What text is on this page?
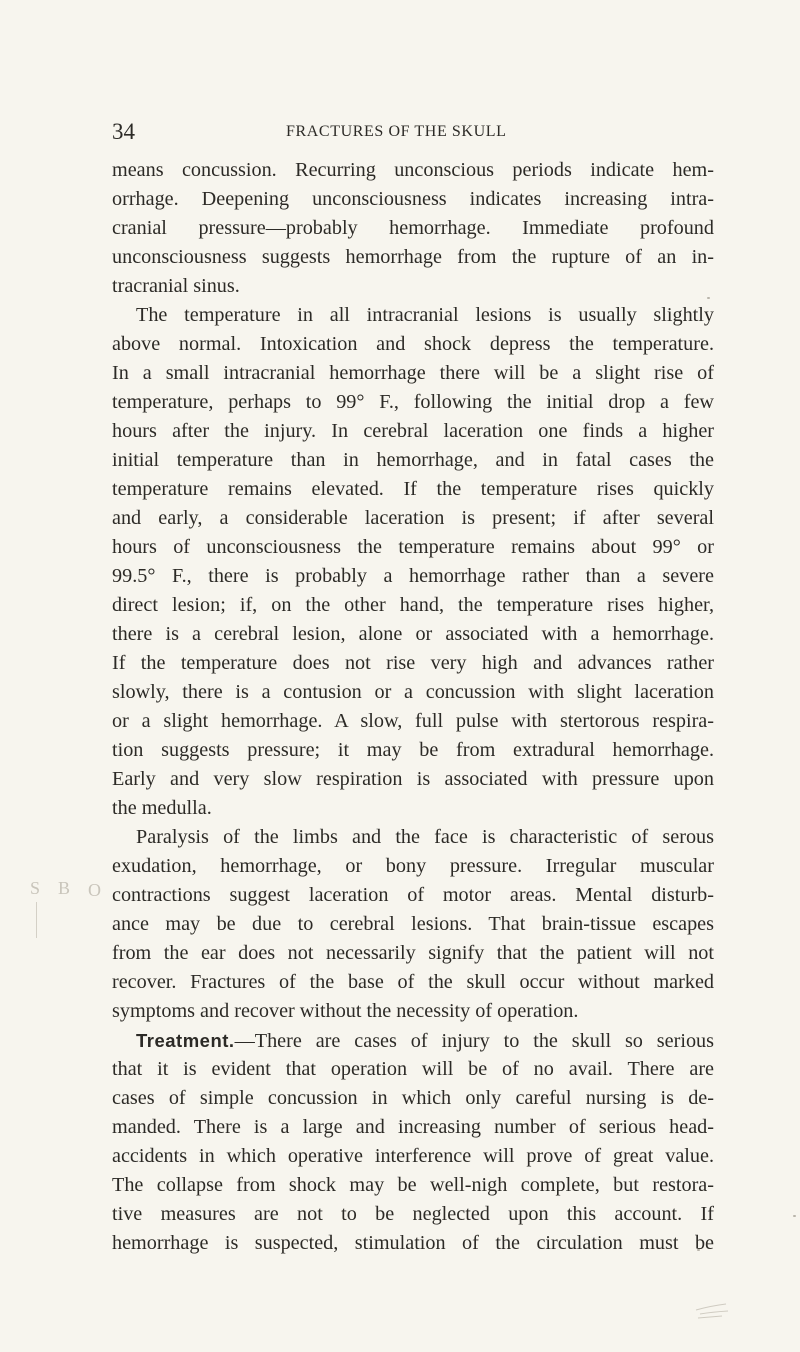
34	FRACTURES OF THE SKULL
S B O
means concussion. Recurring unconscious periods indicate hem-
orrhage. Deepening unconsciousness indicates increasing intra-
cranial pressure—probably hemorrhage. Immediate profound
unconsciousness suggests hemorrhage from the rupture of an in-
tracranial sinus.
The temperature in all intracranial lesions is usually slightly
above normal. Intoxication and shock depress the temperature.
In a small intracranial hemorrhage there will be a slight rise of
temperature, perhaps to 99° F., following the initial drop a few
hours after the injury. In cerebral laceration one finds a higher
initial temperature than in hemorrhage, and in fatal cases the
temperature remains elevated. If the temperature rises quickly
and early, a considerable laceration is present; if after several
hours of unconsciousness the temperature remains about 99° or
99.5° F., there is probably a hemorrhage rather than a severe
direct lesion; if, on the other hand, the temperature rises higher,
there is a cerebral lesion, alone or associated with a hemorrhage.
If the temperature does not rise very high and advances rather
slowly, there is a contusion or a concussion with slight laceration
or a slight hemorrhage. A slow, full pulse with stertorous respira-
tion suggests pressure; it may be from extradural hemorrhage.
Early and very slow respiration is associated with pressure upon
the medulla.
Paralysis of the limbs and the face is characteristic of serous
exudation, hemorrhage, or bony pressure. Irregular muscular
contractions suggest laceration of motor areas. Mental disturb-
ance may be due to cerebral lesions. That brain-tissue escapes
from the ear does not necessarily signify that the patient will not
recover. Fractures of the base of the skull occur without marked
symptoms and recover without the necessity of operation.
Treatment.—There are cases of injury to the skull so serious
that it is evident that operation will be of no avail. There are
cases of simple concussion in which only careful nursing is de-
manded. There is a large and increasing number of serious head-
accidents in which operative interference will prove of great value.
The collapse from shock may be well-nigh complete, but restora-
tive measures are not to be neglected upon this account. If
hemorrhage is suspected, stimulation of the circulation must be
